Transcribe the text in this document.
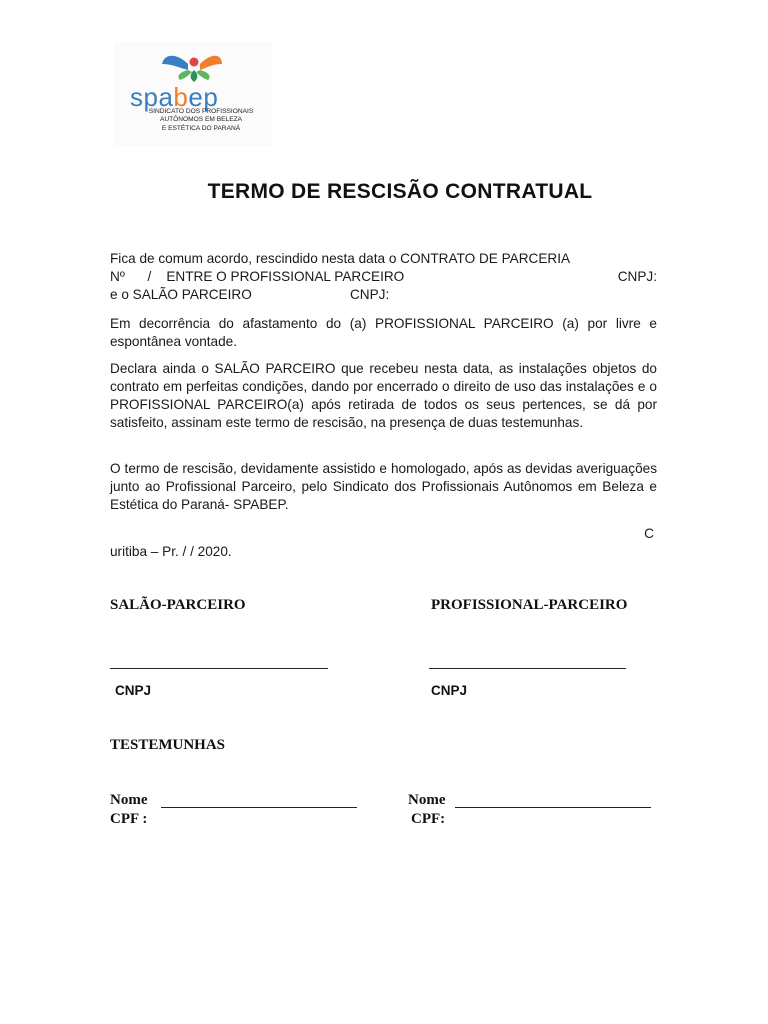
spabep
SINDICATO DOS PROFISSIONAIS
AUTÔNOMOS EM BELEZA
E ESTÉTICA DO PARANÁ
TERMO DE RESCISÃO CONTRATUAL
Fica de comum acordo, rescindido nesta data o CONTRATO DE PARCERIA
Nº      /    ENTRE O PROFISSIONAL PARCEIRO	CNPJ:
e o SALÃO PARCEIRO                          CNPJ:
Em decorrência do afastamento do (a) PROFISSIONAL PARCEIRO (a) por livre e espontânea vontade.
Declara ainda o SALÃO PARCEIRO que recebeu nesta data, as instalações objetos do contrato em perfeitas condições, dando por encerrado o direito de uso das instalações e o PROFISSIONAL PARCEIRO(a) após retirada de todos os seus pertences, se dá por satisfeito, assinam este termo de rescisão, na presença de duas testemunhas.
O termo de rescisão, devidamente assistido e homologado, após as devidas averiguações junto ao Profissional Parceiro, pelo Sindicato dos Profissionais Autônomos em Beleza e Estética do Paraná- SPABEP.
C
uritiba – Pr. / / 2020.
SALÃO-PARCEIRO	PROFISSIONAL-PARCEIRO
CNPJ	CNPJ
TESTEMUNHAS
Nome	Nome
CPF :	CPF:
